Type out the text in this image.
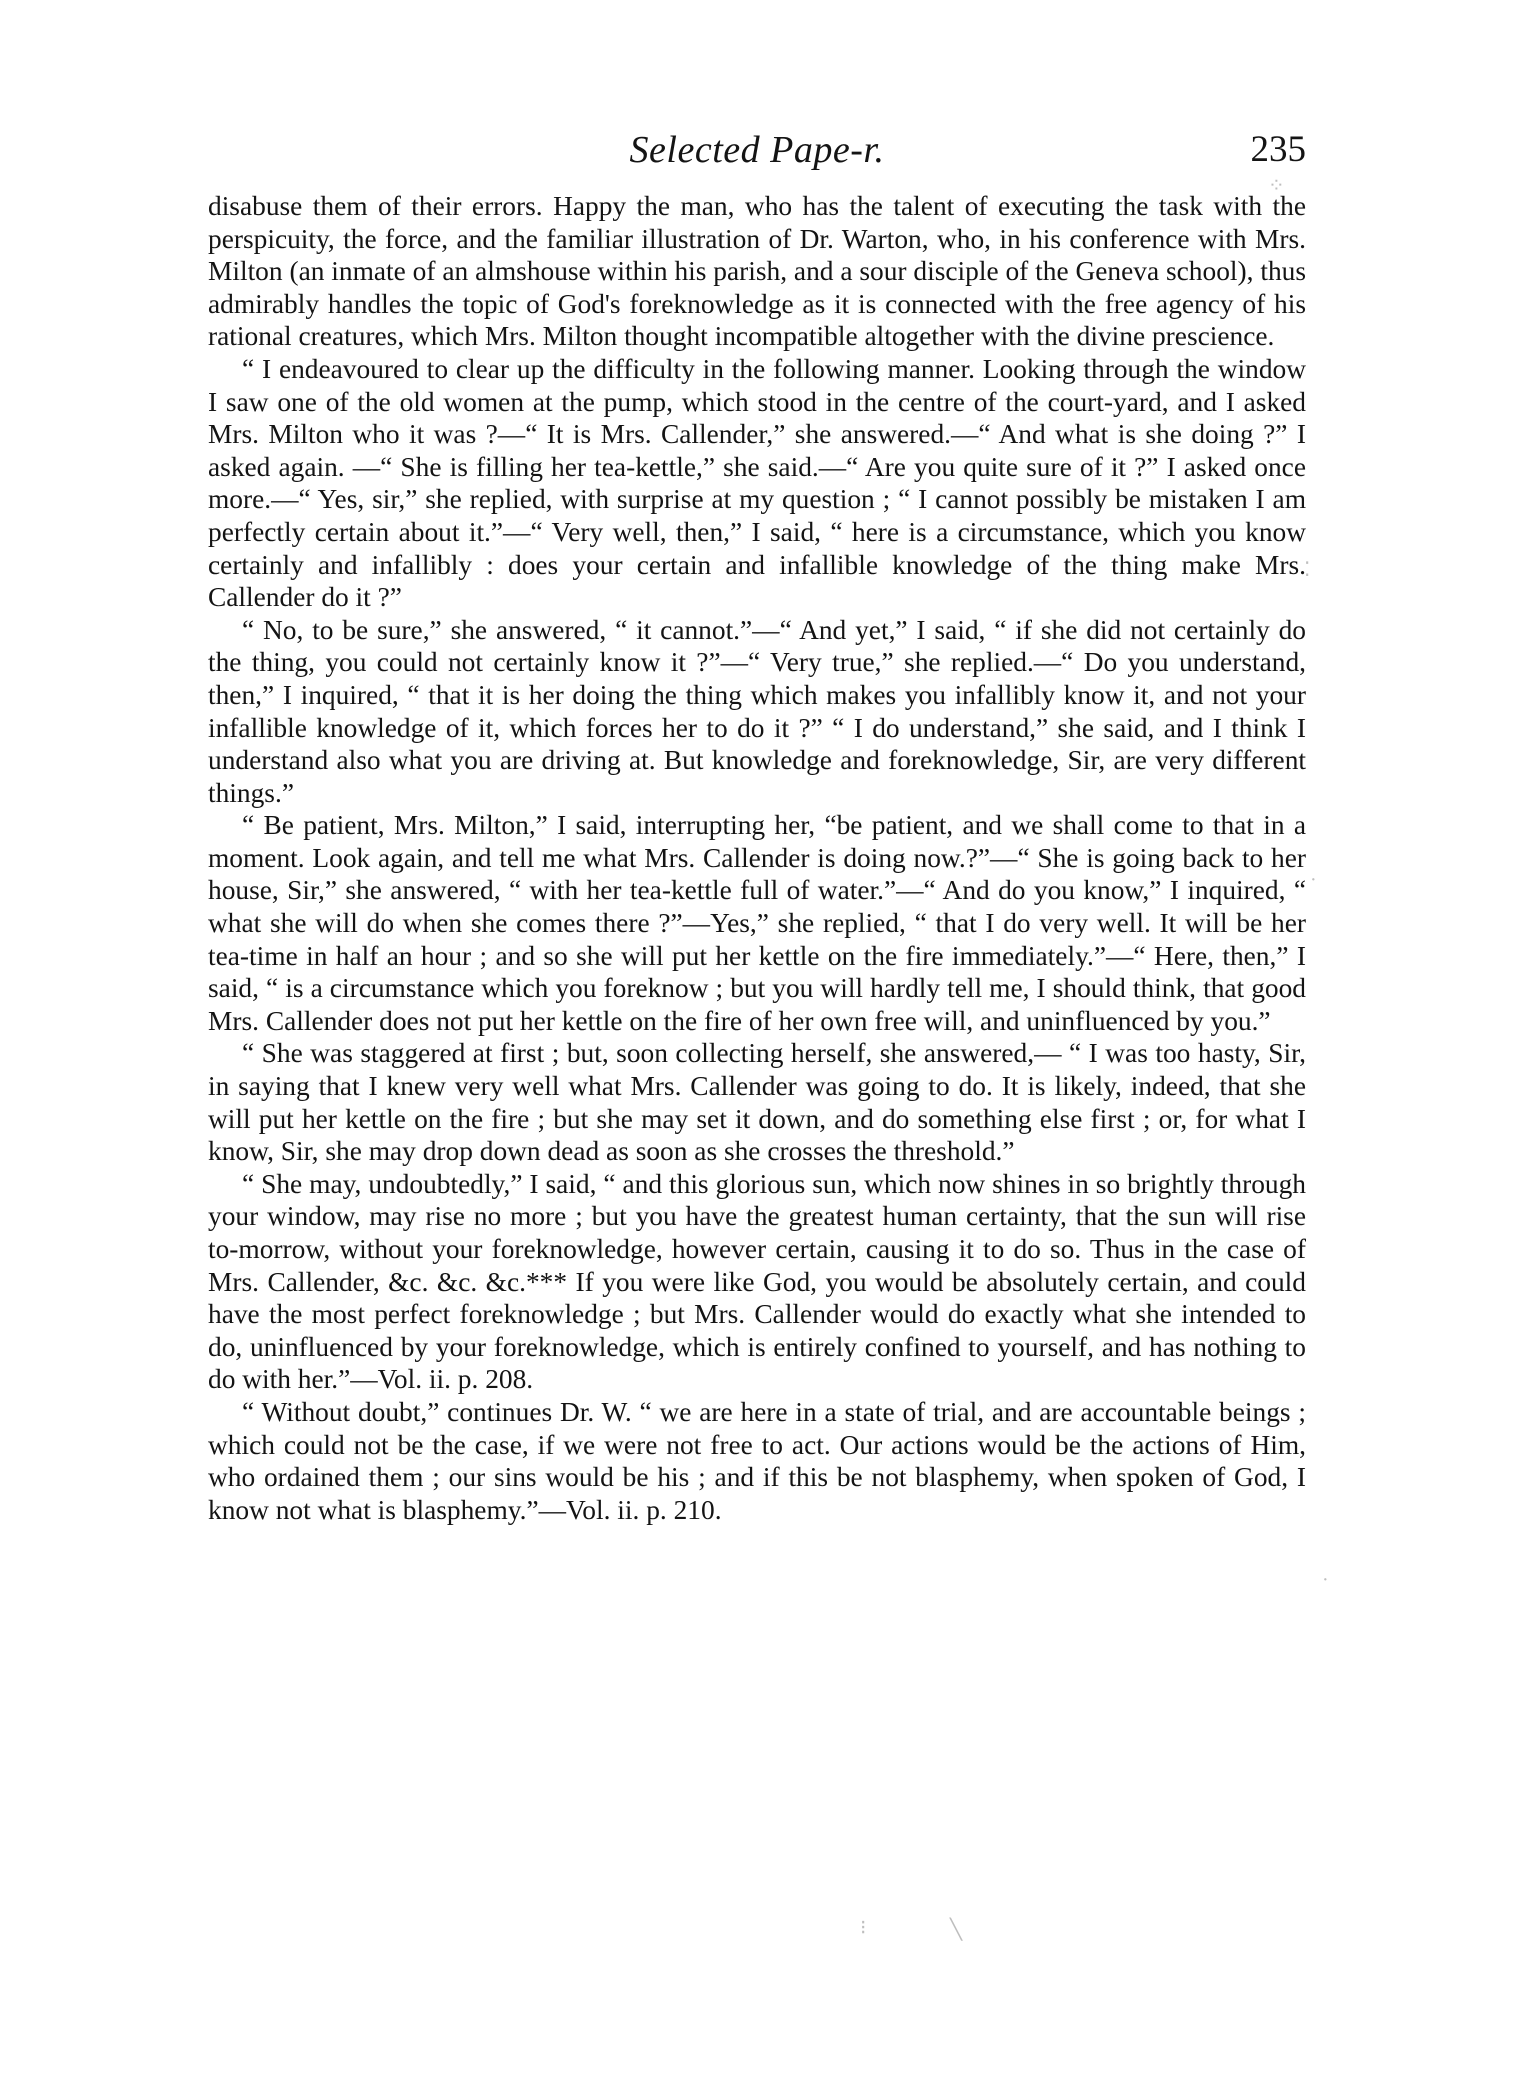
Selected Pape-r.	235

disabuse them of their errors. Happy the man, who has the talent of executing the task with the perspicuity, the force, and the familiar illustration of Dr. Warton, who, in his conference with Mrs. Milton (an inmate of an almshouse within his parish, and a sour disciple of the Geneva school), thus admirably handles the topic of God's foreknowledge as it is connected with the free agency of his rational creatures, which Mrs. Milton thought incompatible altogether with the divine prescience.

“ I endeavoured to clear up the difficulty in the following manner. Looking through the window I saw one of the old women at the pump, which stood in the centre of the court-yard, and I asked Mrs. Milton who it was ?—“ It is Mrs. Callender,” she answered.—“ And what is she doing ?” I asked again. —“ She is filling her tea-kettle,” she said.—“ Are you quite sure of it ?” I asked once more.—“ Yes, sir,” she replied, with surprise at my question ; “ I cannot possibly be mistaken I am perfectly certain about it.”—“ Very well, then,” I said, “ here is a circumstance, which you know certainly and infallibly : does your certain and infallible knowledge of the thing make Mrs. Callender do it ?”

“ No, to be sure,” she answered, “ it cannot.”—“ And yet,” I said, “ if she did not certainly do the thing, you could not certainly know it ?”—“ Very true,” she replied.—“ Do you understand, then,” I inquired, “ that it is her doing the thing which makes you infallibly know it, and not your infallible knowledge of it, which forces her to do it ?” “ I do understand,” she said, and I think I understand also what you are driving at. But knowledge and foreknowledge, Sir, are very different things.”

“ Be patient, Mrs. Milton,” I said, interrupting her, “be patient, and we shall come to that in a moment. Look again, and tell me what Mrs. Callender is doing now.?”—“ She is going back to her house, Sir,” she answered, “ with her tea-kettle full of water.”—“ And do you know,” I inquired, “ what she will do when she comes there ?”—Yes,” she replied, “ that I do very well. It will be her tea-time in half an hour ; and so she will put her kettle on the fire immediately.”—“ Here, then,” I said, “ is a circumstance which you foreknow ; but you will hardly tell me, I should think, that good Mrs. Callender does not put her kettle on the fire of her own free will, and uninfluenced by you.”

“ She was staggered at first ; but, soon collecting herself, she answered,— “ I was too hasty, Sir, in saying that I knew very well what Mrs. Callender was going to do. It is likely, indeed, that she will put her kettle on the fire ; but she may set it down, and do something else first ; or, for what I know, Sir, she may drop down dead as soon as she crosses the threshold.”

“ She may, undoubtedly,” I said, “ and this glorious sun, which now shines in so brightly through your window, may rise no more ; but you have the greatest human certainty, that the sun will rise to-morrow, without your foreknowledge, however certain, causing it to do so. Thus in the case of Mrs. Callender, &c. &c. &c.*** If you were like God, you would be absolutely certain, and could have the most perfect foreknowledge ; but Mrs. Callender would do exactly what she intended to do, uninfluenced by your foreknowledge, which is entirely confined to yourself, and has nothing to do with her.”—Vol. ii. p. 208.

“ Without doubt,” continues Dr. W. “ we are here in a state of trial, and are accountable beings ; which could not be the case, if we were not free to act. Our actions would be the actions of Him, who ordained them ; our sins would be his ; and if this be not blasphemy, when spoken of God, I know not what is blasphemy.”—Vol. ii. p. 210.

⁘
⁚
·
·
⁝	╲
